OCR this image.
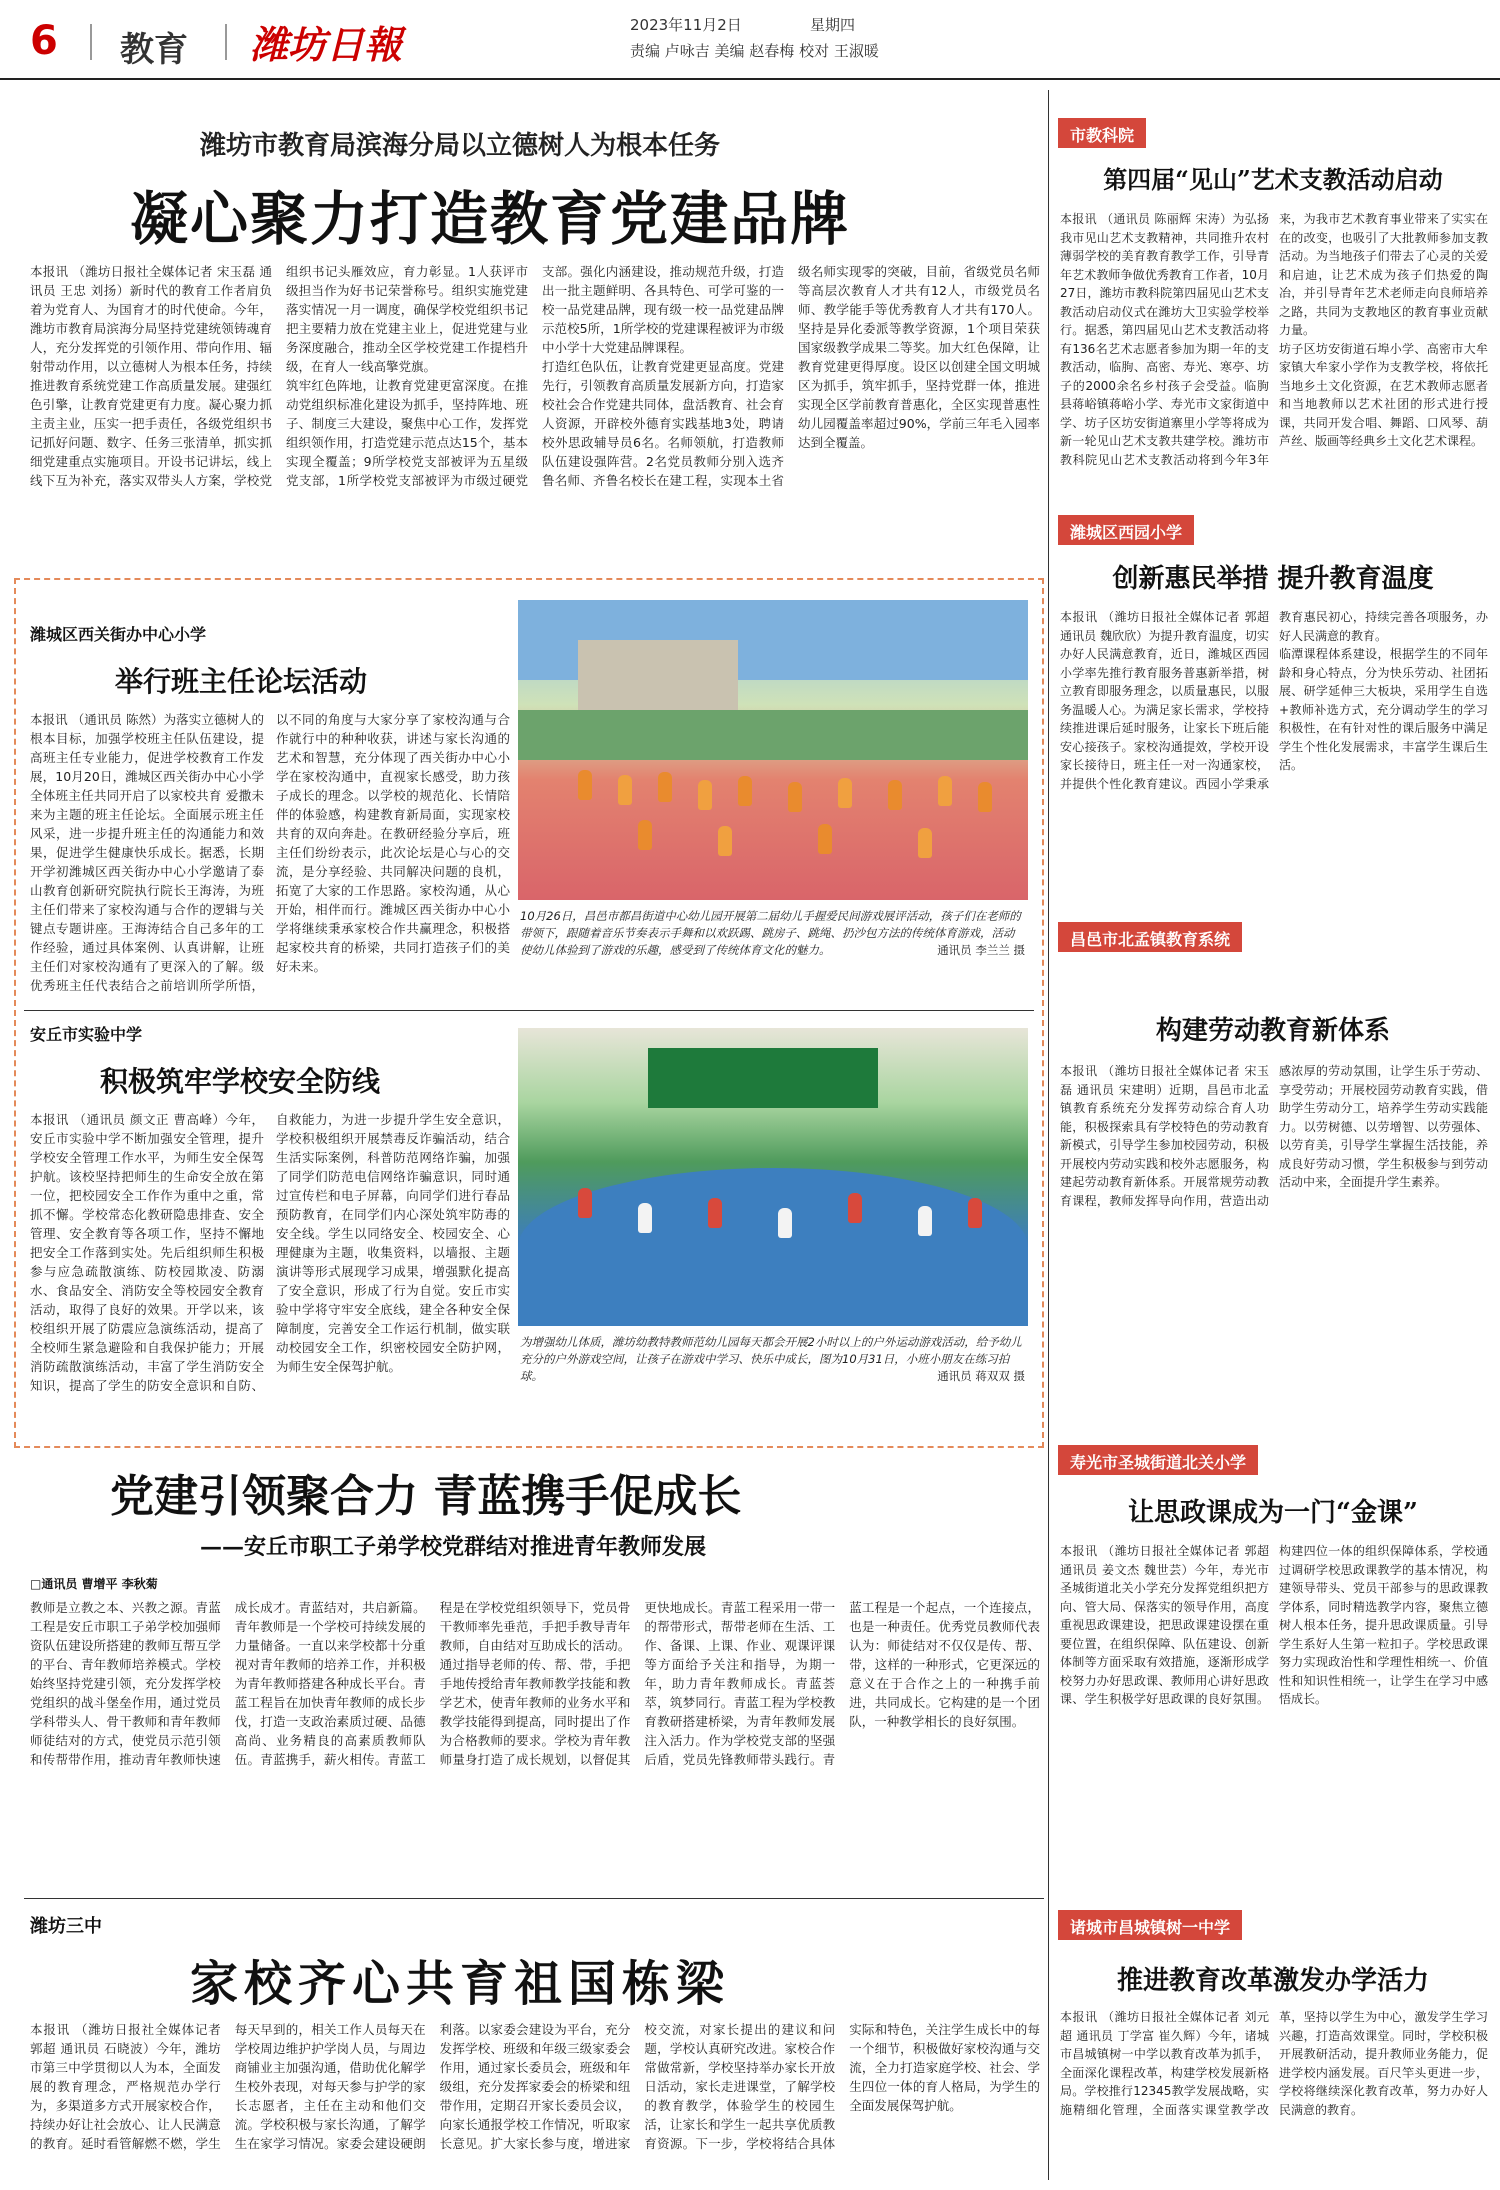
6 教育 潍坊日報	2023年11月2日	星期四
责编 卢咏吉 美编 赵春梅 校对 王淑暖
潍坊市教育局滨海分局以立德树人为根本任务
凝心聚力打造教育党建品牌

本报讯 （潍坊日报社全媒体记者 宋玉磊 通讯员 王忠 刘扬）新时代的教育工作者肩负着为党育人、为国育才的时代使命。今年，潍坊市教育局滨海分局坚持党建统领铸魂育人，充分发挥党的引领作用、带向作用、辐射带动作用，以立德树人为根本任务，持续推进教育系统党建工作高质量发展。建强红色引擎，让教育党建更有力度。凝心聚力抓主责主业，压实一把手责任，各级党组织书记抓好问题、数字、任务三张清单，抓实抓细党建重点实施项目。开设书记讲坛，线上线下互为补充，落实双带头人方案，学校党组织书记头雁效应，育力彰显。1人获评市级担当作为好书记荣誉称号。组织实施党建落实情况一月一调度，确保学校党组织书记把主要精力放在党建主业上，促进党建与业务深度融合，推动全区学校党建工作提档升级，在育人一线高擎党旗。

筑牢红色阵地，让教育党建更富深度。在推动党组织标准化建设为抓手，坚持阵地、班子、制度三大建设，聚焦中心工作，发挥党组织领作用，打造党建示范点达15个，基本实现全覆盖；9所学校党支部被评为五星级党支部，1所学校党支部被评为市级过硬党支部。强化内涵建设，推动规范升级，打造出一批主题鲜明、各具特色、可学可鉴的一校一品党建品牌，现有级一校一品党建品牌示范校5所，1所学校的党建课程被评为市级中小学十大党建品牌课程。

打造红色队伍，让教育党建更显高度。党建先行，引领教育高质量发展新方向，打造家校社会合作党建共同体，盘活教育、社会育人资源，开辟校外德育实践基地3处，聘请校外思政辅导员6名。名师领航，打造教师队伍建设强阵营。2名党员教师分别入选齐鲁名师、齐鲁名校长在建工程，实现本土省级名师实现零的突破，目前，省级党员名师等高层次教育人才共有12人，市级党员名师、教学能手等优秀教育人才共有170人。坚持是异化委派等教学资源，1个项目荣获国家级教学成果二等奖。加大红色保障，让教育党建更得厚度。设区以创建全国文明城区为抓手，筑牢抓手，坚持党群一体，推进实现全区学前教育普惠化，全区实现普惠性幼儿园覆盖率超过90%，学前三年毛入园率达到全覆盖。

潍城区西关街办中心小学
举行班主任论坛活动
本报讯 （通讯员 陈然）为落实立德树人的根本目标，加强学校班主任队伍建设，提高班主任专业能力，促进学校教育工作发展，10月20日，潍城区西关街办中心小学全体班主任共同开启了以家校共育 爱撒未来为主题的班主任论坛。全面展示班主任风采，进一步提升班主任的沟通能力和效果，促进学生健康快乐成长。据悉，长期开学初潍城区西关街办中心小学邀请了泰山教育创新研究院执行院长王海涛，为班主任们带来了家校沟通与合作的逻辑与关键点专题讲座。王海涛结合自己多年的工作经验，通过具体案例、认真讲解，让班主任们对家校沟通有了更深入的了解。级优秀班主任代表结合之前培训所学所悟，以不同的角度与大家分享了家校沟通与合作就行中的种种收获，讲述与家长沟通的艺术和智慧，充分体现了西关街办中心小学在家校沟通中，直视家长感受，助力孩子成长的理念。以学校的规范化、长情陪伴的体验感，构建教育新局面，实现家校共育的双向奔赴。在教研经验分享后，班主任们纷纷表示，此次论坛是心与心的交流，是分享经验、共同解决问题的良机，拓宽了大家的工作思路。家校沟通，从心开始，相伴而行。潍城区西关街办中心小学将继续秉承家校合作共赢理念，积极搭起家校共育的桥梁，共同打造孩子们的美好未来。
10月26日，昌邑市都昌街道中心幼儿园开展第二届幼儿手握爱民间游戏展评活动，孩子们在老师的带领下，跟随着音乐节奏表示手舞和以欢跃踢、跳房子、跳绳、扔沙包方法的传统体育游戏，活动使幼儿体验到了游戏的乐趣，感受到了传统体育文化的魅力。	通讯员 李兰兰 摄
安丘市实验中学
积极筑牢学校安全防线
本报讯 （通讯员 颜文正 曹高峰）今年，安丘市实验中学不断加强安全管理，提升学校安全管理工作水平，为师生安全保驾护航。该校坚持把师生的生命安全放在第一位，把校园安全工作作为重中之重，常抓不懈。学校常态化教研隐患排查、安全管理、安全教育等各项工作，坚持不懈地把安全工作落到实处。先后组织师生积极参与应急疏散演练、防校园欺凌、防溺水、食品安全、消防安全等校园安全教育活动，取得了良好的效果。开学以来，该校组织开展了防震应急演练活动，提高了全校师生紧急避险和自我保护能力；开展消防疏散演练活动，丰富了学生消防安全知识，提高了学生的防安全意识和自防、自救能力，为进一步提升学生安全意识，学校积极组织开展禁毒反诈骗活动，结合生活实际案例，科普防范网络诈骗，加强了同学们防范电信网络诈骗意识，同时通过宣传栏和电子屏幕，向同学们进行春品预防教育，在同学们内心深处筑牢防毒的安全线。学生以同络安全、校园安全、心理健康为主题，收集资料，以墙报、主题演讲等形式展现学习成果，增强默化提高了安全意识，形成了行为自觉。安丘市实验中学将守牢安全底线，建全各种安全保障制度，完善安全工作运行机制，做实联动校园安全工作，织密校园安全防护网，为师生安全保驾护航。
为增强幼儿体质，潍坊幼教特教师范幼儿园每天都会开展2小时以上的户外运动游戏活动，给予幼儿充分的户外游戏空间，让孩子在游戏中学习、快乐中成长，图为10月31日，小班小朋友在练习拍球。	通讯员 蒋双双 摄
党建引领聚合力 青蓝携手促成长
——安丘市职工子弟学校党群结对推进青年教师发展
□通讯员 曹增平 李秋菊
教师是立教之本、兴教之源。青蓝工程是安丘市职工子弟学校加强师资队伍建设所搭建的教师互帮互学的平台、青年教师培养模式。学校始终坚持党建引领，充分发挥学校党组织的战斗堡垒作用，通过党员学科带头人、骨干教师和青年教师师徒结对的方式，使党员示范引领和传帮带作用，推动青年教师快速成长成才。青蓝结对，共启新篇。青年教师是一个学校可持续发展的力量储备。一直以来学校都十分重视对青年教师的培养工作，并积极为青年教师搭建各种成长平台。青蓝工程旨在加快青年教师的成长步伐，打造一支政治素质过硬、品德高尚、业务精良的高素质教师队伍。青蓝携手，薪火相传。青蓝工程是在学校党组织领导下，党员骨干教师率先垂范，手把手教导青年教师，自由结对互助成长的活动。通过指导老师的传、帮、带，手把手地传授给青年教师教学技能和教学艺术，使青年教师的业务水平和教学技能得到提高，同时提出了作为合格教师的要求。学校为青年教师量身打造了成长规划，以督促其更快地成长。青蓝工程采用一带一的帮带形式，帮带老师在生活、工作、备课、上课、作业、观课评课等方面给予关注和指导，为期一年，助力青年教师成长。青蓝荟萃，筑梦同行。青蓝工程为学校教育教研搭建桥梁，为青年教师发展注入活力。作为学校党支部的坚强后盾，党员先锋教师带头践行。青蓝工程是一个起点，一个连接点，也是一种责任。优秀党员教师代表认为：师徒结对不仅仅是传、帮、带，这样的一种形式，它更深远的意义在于合作之上的一种携手前进，共同成长。它构建的是一个团队，一种教学相长的良好氛围。
潍坊三中
家校齐心共育祖国栋梁
本报讯 （潍坊日报社全媒体记者 郭超 通讯员 石晓波）今年，潍坊市第三中学贯彻以人为本，全面发展的教育理念，严格规范办学行为，多渠道多方式开展家校合作，持续办好让社会放心、让人民满意的教育。延时看管解燃不燃，学生每天早到的，相关工作人员每天在学校周边维护护学岗人员，与周边商铺业主加强沟通，借助优化解学生校外表现，对每天参与护学的家长志愿者，主任在主动和他们交流。学校积极与家长沟通，了解学生在家学习情况。家委会建设硬朗利落。以家委会建设为平台，充分发挥学校、班级和年级三级家委会作用，通过家长委员会，班级和年级组，充分发挥家委会的桥梁和纽带作用，定期召开家长委员会议，向家长通报学校工作情况，听取家长意见。扩大家长参与度，增进家校交流，对家长提出的建议和问题，学校认真研究改进。家校合作常做常新，学校坚持举办家长开放日活动，家长走进课堂，了解学校的教育教学，体验学生的校园生活，让家长和学生一起共享优质教育资源。下一步，学校将结合具体实际和特色，关注学生成长中的每一个细节，积极做好家校沟通与交流，全力打造家庭学校、社会、学生四位一体的育人格局，为学生的全面发展保驾护航。
市教科院
第四届“见山”艺术支教活动启动

本报讯 （通讯员 陈丽辉 宋涛）为弘扬我市见山艺术支教精神，共同推升农村薄弱学校的美育教育教学工作，引导青年艺术教师争做优秀教育工作者，10月27日，潍坊市教科院第四届见山艺术支教活动启动仪式在潍坊大卫实验学校举行。据悉，第四届见山艺术支教活动将有136名艺术志愿者参加为期一年的支教活动，临朐、高密、寿光、寒亭、坊子的2000余名乡村孩子会受益。临朐县蒋峪镇蒋峪小学、寿光市文家街道中学、坊子区坊安街道寨里小学等将成为新一轮见山艺术支教共建学校。潍坊市教科院见山艺术支教活动将到今年3年来，为我市艺术教育事业带来了实实在在的改变，也吸引了大批教师参加支教活动。为当地孩子们带去了心灵的关爱和启迪，让艺术成为孩子们热爱的陶冶，并引导青年艺术老师走向良师培养之路，共同为支教地区的教育事业贡献力量。

坊子区坊安街道石埠小学、高密市大牟家镇大牟家小学作为支教学校，将依托当地乡土文化资源，在艺术教师志愿者和当地教师以艺术社团的形式进行授课，共同开发合唱、舞蹈、口风琴、葫芦丝、版画等经典乡土文化艺术课程。

潍城区西园小学
创新惠民举措 提升教育温度

本报讯 （潍坊日报社全媒体记者 郭超 通讯员 魏欣欣）为提升教育温度，切实办好人民满意教育，近日，潍城区西园小学率先推行教育服务普惠新举措，树立教育即服务理念，以质量惠民，以服务温暖人心。为满足家长需求，学校持续推进课后延时服务，让家长下班后能安心接孩子。家校沟通提效，学校开设家长接待日，班主任一对一沟通家校，并提供个性化教育建议。西园小学秉承教育惠民初心，持续完善各项服务，办好人民满意的教育。

临潭课程体系建设，根据学生的不同年龄和身心特点，分为快乐劳动、社团拓展、研学延伸三大板块，采用学生自选+教师补选方式，充分调动学生的学习积极性，在有针对性的课后服务中满足学生个性化发展需求，丰富学生课后生活。

昌邑市北孟镇教育系统
构建劳动教育新体系
本报讯 （潍坊日报社全媒体记者 宋玉磊 通讯员 宋建明）近期，昌邑市北孟镇教育系统充分发挥劳动综合育人功能，积极探索具有学校特色的劳动教育新模式，引导学生参加校园劳动，积极开展校内劳动实践和校外志愿服务，构建起劳动教育新体系。开展常规劳动教育课程，教师发挥导向作用，营造出动感浓厚的劳动氛围，让学生乐于劳动、享受劳动；开展校园劳动教育实践，借助学生劳动分工，培养学生劳动实践能力。以劳树德、以劳增智、以劳强体、以劳育美，引导学生掌握生活技能，养成良好劳动习惯，学生积极参与到劳动活动中来，全面提升学生素养。
寿光市圣城街道北关小学
让思政课成为一门“金课”
本报讯 （潍坊日报社全媒体记者 郭超 通讯员 姜文杰 魏世芸）今年，寿光市圣城街道北关小学充分发挥党组织把方向、管大局、保落实的领导作用，高度重视思政课建设，把思政课建设摆在重要位置，在组织保障、队伍建设、创新体制等方面采取有效措施，逐渐形成学校努力办好思政课、教师用心讲好思政课、学生积极学好思政课的良好氛围。构建四位一体的组织保障体系，学校通过调研学校思政课教学的基本情况，构建领导带头、党员干部参与的思政课教学体系，同时精选教学内容，聚焦立德树人根本任务，提升思政课质量。引导学生系好人生第一粒扣子。学校思政课努力实现政治性和学理性相统一、价值性和知识性相统一，让学生在学习中感悟成长。
诸城市昌城镇树一中学
推进教育改革激发办学活力
本报讯 （潍坊日报社全媒体记者 刘元超 通讯员 丁学富 崔久辉）今年，诸城市昌城镇树一中学以教育改革为抓手，全面深化课程改革，构建学校发展新格局。学校推行12345教学发展战略，实施精细化管理，全面落实课堂教学改革，坚持以学生为中心，激发学生学习兴趣，打造高效课堂。同时，学校积极开展教研活动，提升教师业务能力，促进学校内涵发展。百尺竿头更进一步，学校将继续深化教育改革，努力办好人民满意的教育。
